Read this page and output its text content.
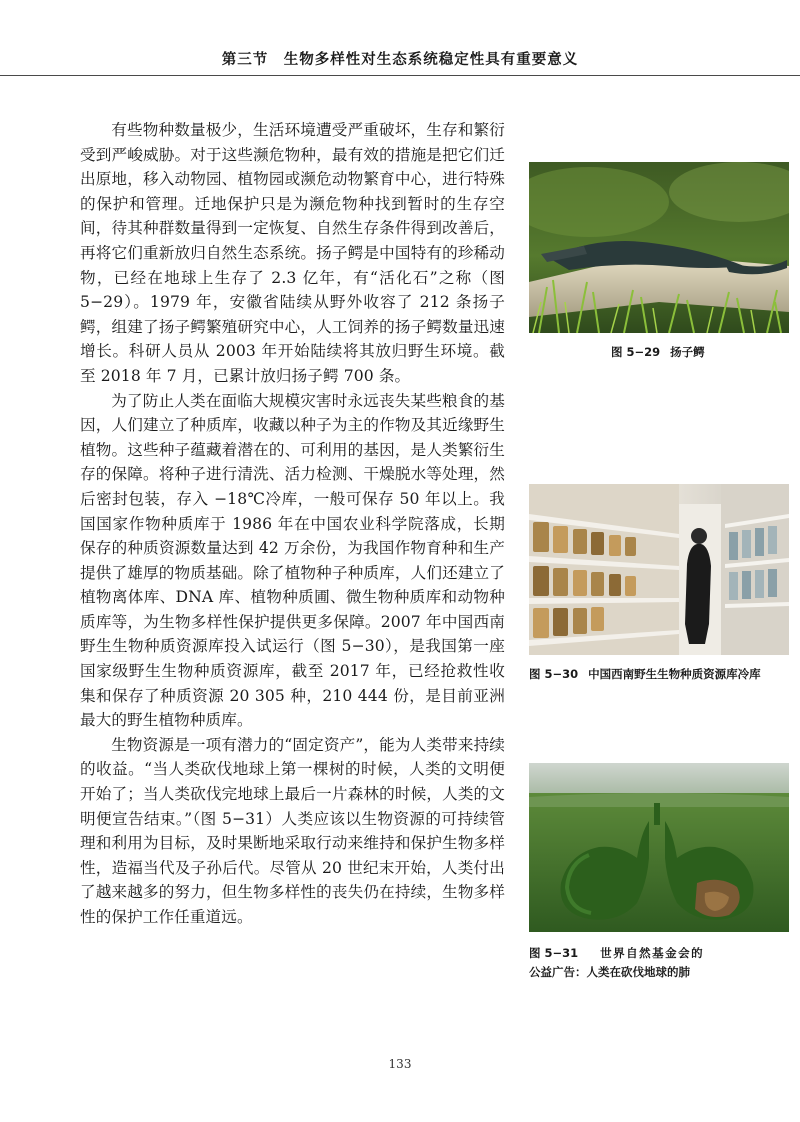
第三节　生物多样性对生态系统稳定性具有重要意义

有些物种数量极少，生活环境遭受严重破坏，生存和繁衍受到严峻威胁。对于这些濒危物种，最有效的措施是把它们迁出原地，移入动物园、植物园或濒危动物繁育中心，进行特殊的保护和管理。迁地保护只是为濒危物种找到暂时的生存空间，待其种群数量得到一定恢复、自然生存条件得到改善后，再将它们重新放归自然生态系统。扬子鳄是中国特有的珍稀动物，已经在地球上生存了 2.3 亿年，有“活化石”之称（图 5−29）。1979 年，安徽省陆续从野外收容了 212 条扬子鳄，组建了扬子鳄繁殖研究中心，人工饲养的扬子鳄数量迅速增长。科研人员从 2003 年开始陆续将其放归野生环境。截至 2018 年 7 月，已累计放归扬子鳄 700 条。

为了防止人类在面临大规模灾害时永远丧失某些粮食的基因，人们建立了种质库，收藏以种子为主的作物及其近缘野生植物。这些种子蕴藏着潜在的、可利用的基因，是人类繁衍生存的保障。将种子进行清洗、活力检测、干燥脱水等处理，然后密封包装，存入 −18℃冷库，一般可保存 50 年以上。我国国家作物种质库于 1986 年在中国农业科学院落成，长期保存的种质资源数量达到 42 万余份，为我国作物育种和生产提供了雄厚的物质基础。除了植物种子种质库，人们还建立了植物离体库、DNA 库、植物种质圃、微生物种质库和动物种质库等，为生物多样性保护提供更多保障。2007 年中国西南野生生物种质资源库投入试运行（图 5−30），是我国第一座国家级野生生物种质资源库，截至 2017 年，已经抢救性收集和保存了种质资源 20 305 种，210 444 份，是目前亚洲最大的野生植物种质库。

生物资源是一项有潜力的“固定资产”，能为人类带来持续的收益。“当人类砍伐地球上第一棵树的时候，人类的文明便开始了；当人类砍伐完地球上最后一片森林的时候，人类的文明便宣告结束。”（图 5−31）人类应该以生物资源的可持续管理和利用为目标，及时果断地采取行动来维持和保护生物多样性，造福当代及子孙后代。尽管从 20 世纪末开始，人类付出了越来越多的努力，但生物多样性的丧失仍在持续，生物多样性的保护工作任重道远。

图 5−29 扬子鳄
图 5−30 中国西南野生生物种质资源库冷库
图 5−31 世界自然基金会的
公益广告：人类在砍伐地球的肺
133
